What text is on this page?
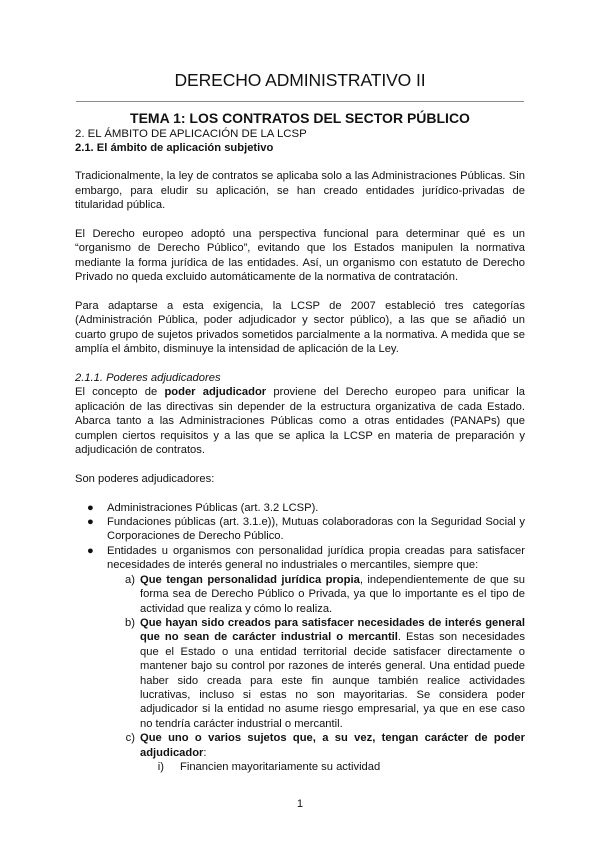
DERECHO ADMINISTRATIVO II

TEMA 1: LOS CONTRATOS DEL SECTOR PÚBLICO

2. EL ÁMBITO DE APLICACIÓN DE LA LCSP

2.1. El ámbito de aplicación subjetivo

Tradicionalmente, la ley de contratos se aplicaba solo a las Administraciones Públicas. Sin embargo, para eludir su aplicación, se han creado entidades jurídico-privadas de titularidad pública.

El Derecho europeo adoptó una perspectiva funcional para determinar qué es un “organismo de Derecho Público”, evitando que los Estados manipulen la normativa mediante la forma jurídica de las entidades. Así, un organismo con estatuto de Derecho Privado no queda excluido automáticamente de la normativa de contratación.

Para adaptarse a esta exigencia, la LCSP de 2007 estableció tres categorías (Administración Pública, poder adjudicador y sector público), a las que se añadió un cuarto grupo de sujetos privados sometidos parcialmente a la normativa. A medida que se amplía el ámbito, disminuye la intensidad de aplicación de la Ley.

2.1.1. Poderes adjudicadores

El concepto de poder adjudicador proviene del Derecho europeo para unificar la aplicación de las directivas sin depender de la estructura organizativa de cada Estado. Abarca tanto a las Administraciones Públicas como a otras entidades (PANAPs) que cumplen ciertos requisitos y a las que se aplica la LCSP en materia de preparación y adjudicación de contratos.

Son poderes adjudicadores:

● Administraciones Públicas (art. 3.2 LCSP).
● Fundaciones públicas (art. 3.1.e)), Mutuas colaboradoras con la Seguridad Social y Corporaciones de Derecho Público.
● Entidades u organismos con personalidad jurídica propia creadas para satisfacer necesidades de interés general no industriales o mercantiles, siempre que:
a) Que tengan personalidad jurídica propia, independientemente de que su forma sea de Derecho Público o Privada, ya que lo importante es el tipo de actividad que realiza y cómo lo realiza.
b) Que hayan sido creados para satisfacer necesidades de interés general que no sean de carácter industrial o mercantil. Estas son necesidades que el Estado o una entidad territorial decide satisfacer directamente o mantener bajo su control por razones de interés general. Una entidad puede haber sido creada para este fin aunque también realice actividades lucrativas, incluso si estas no son mayoritarias. Se considera poder adjudicador si la entidad no asume riesgo empresarial, ya que en ese caso no tendría carácter industrial o mercantil.
c) Que uno o varios sujetos que, a su vez, tengan carácter de poder adjudicador:
i) Financien mayoritariamente su actividad
1
